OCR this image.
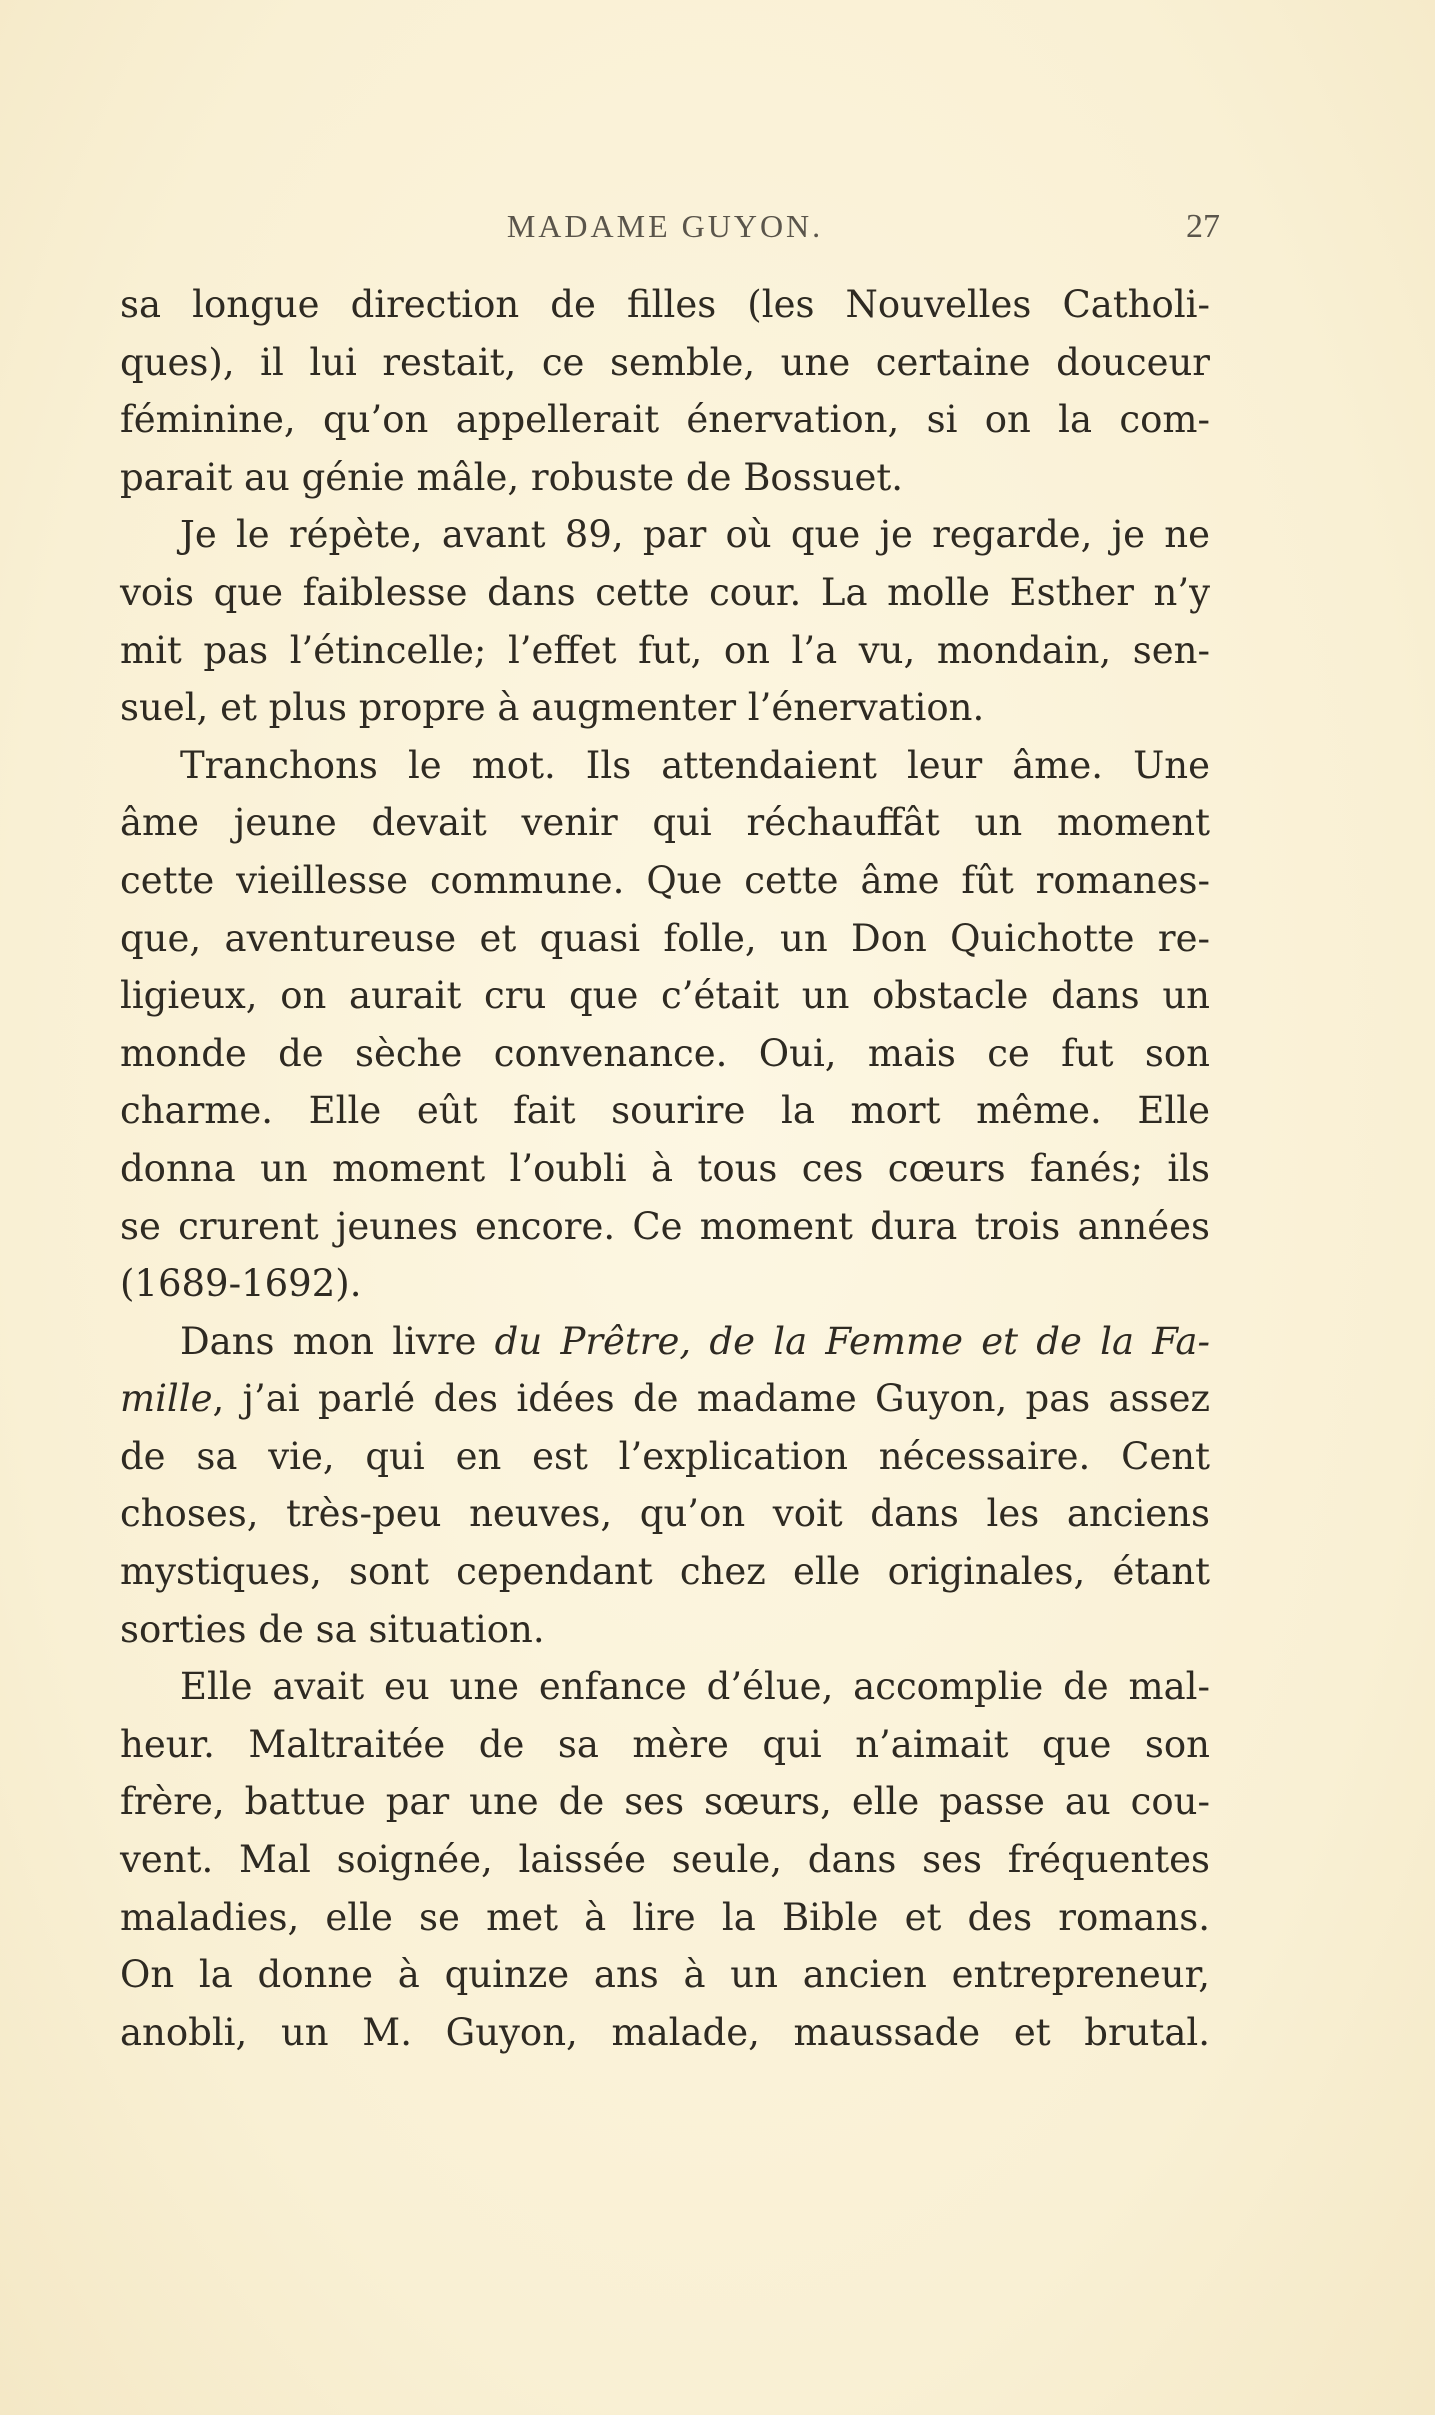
MADAME GUYON.	27

sa longue direction de filles (les Nouvelles Catholi-
ques), il lui restait, ce semble, une certaine douceur
féminine, qu’on appellerait énervation, si on la com-
parait au génie mâle, robuste de Bossuet.

Je le répète, avant 89, par où que je regarde, je ne
vois que faiblesse dans cette cour. La molle Esther n’y
mit pas l’étincelle; l’effet fut, on l’a vu, mondain, sen-
suel, et plus propre à augmenter l’énervation.

Tranchons le mot. Ils attendaient leur âme. Une
âme jeune devait venir qui réchauffât un moment
cette vieillesse commune. Que cette âme fût romanes-
que, aventureuse et quasi folle, un Don Quichotte re-
ligieux, on aurait cru que c’était un obstacle dans un
monde de sèche convenance. Oui, mais ce fut son
charme. Elle eût fait sourire la mort même. Elle
donna un moment l’oubli à tous ces cœurs fanés; ils
se crurent jeunes encore. Ce moment dura trois années
(1689-1692).

Dans mon livre du Prêtre, de la Femme et de la Fa-
mille, j’ai parlé des idées de madame Guyon, pas assez
de sa vie, qui en est l’explication nécessaire. Cent
choses, très-peu neuves, qu’on voit dans les anciens
mystiques, sont cependant chez elle originales, étant
sorties de sa situation.

Elle avait eu une enfance d’élue, accomplie de mal-
heur. Maltraitée de sa mère qui n’aimait que son
frère, battue par une de ses sœurs, elle passe au cou-
vent. Mal soignée, laissée seule, dans ses fréquentes
maladies, elle se met à lire la Bible et des romans.
On la donne à quinze ans à un ancien entrepreneur,
anobli, un M. Guyon, malade, maussade et brutal.
